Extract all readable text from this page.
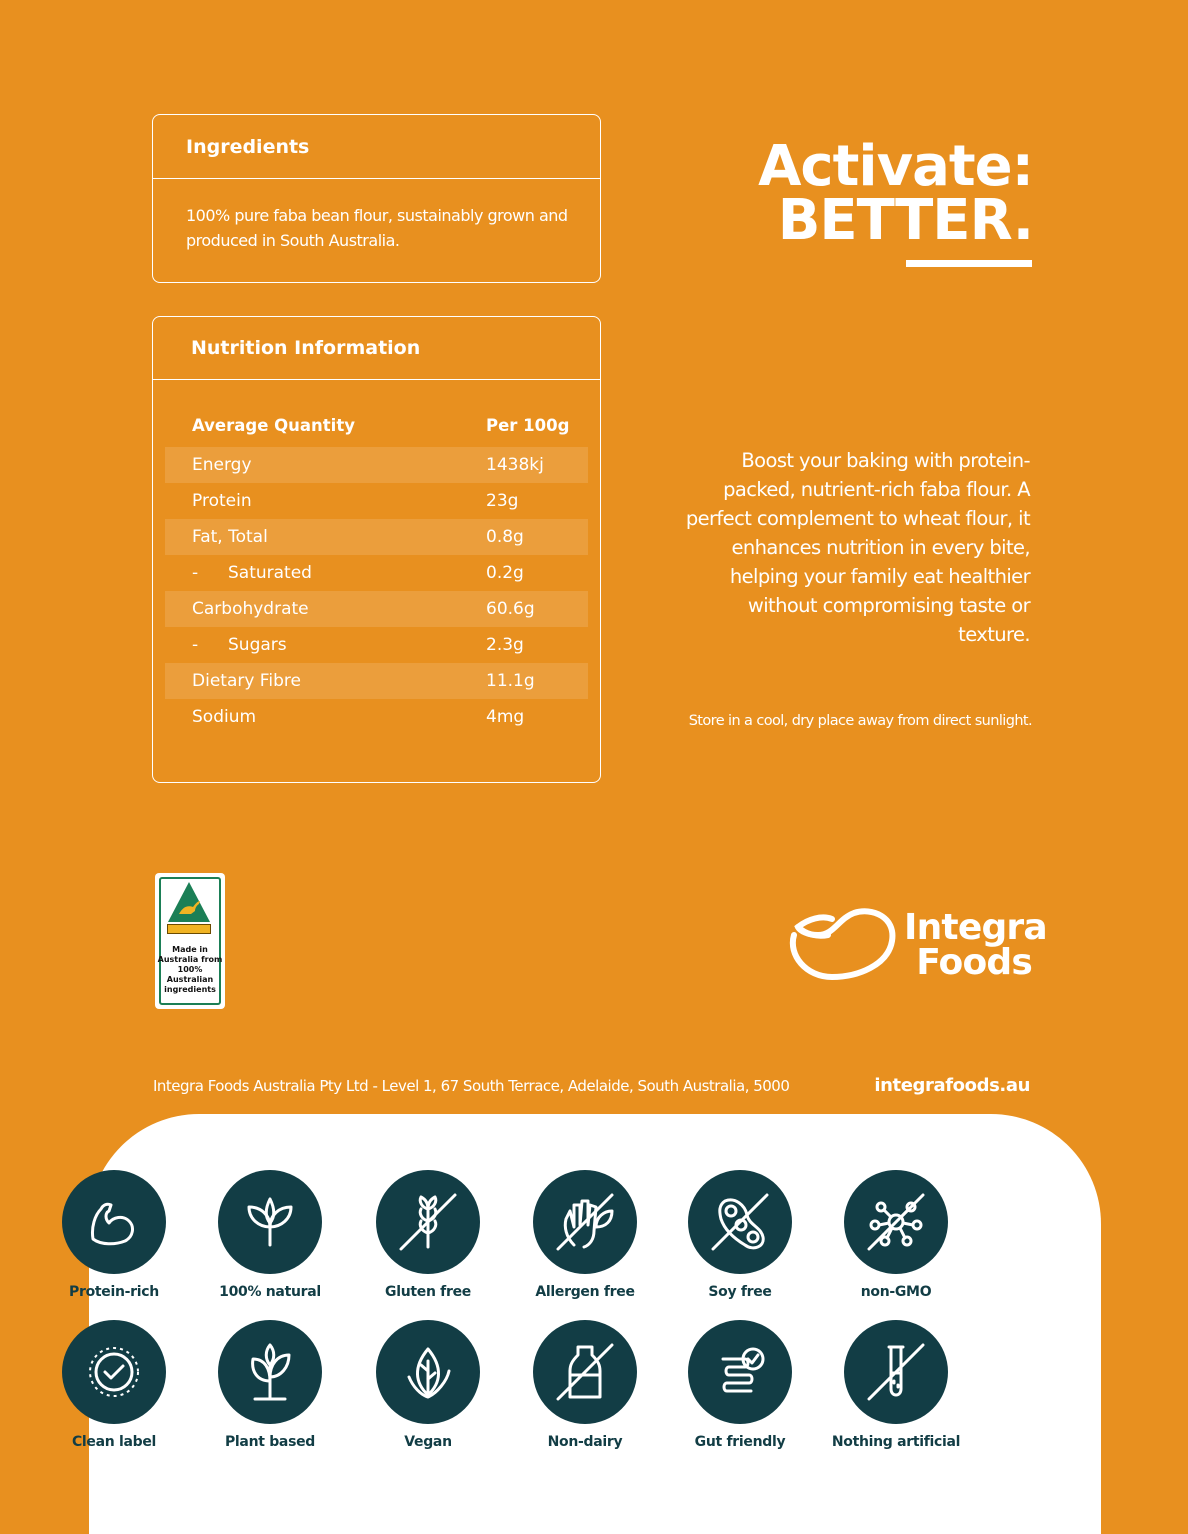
Ingredients
100% pure faba bean flour, sustainably grown and produced in South Australia.
Nutrition Information
Average Quantity	Per 100g
Energy	1438kj
Protein	23g
Fat, Total	0.8g
- Saturated	0.2g
Carbohydrate	60.6g
- Sugars	2.3g
Dietary Fibre	11.1g
Sodium	4mg
Activate:
BETTER.
Boost your baking with protein-packed, nutrient-rich faba flour. A perfect complement to wheat flour, it enhances nutrition in every bite, helping your family eat healthier without compromising taste or texture.
Store in a cool, dry place away from direct sunlight.
Made in Australia from 100% Australian ingredients
Integra
Foods
Integra Foods Australia Pty Ltd - Level 1, 67 South Terrace, Adelaide, South Australia, 5000	integrafoods.au
Protein-rich	100% natural	Gluten free	Allergen free	Soy free	non-GMO
Clean label	Plant based	Vegan	Non-dairy	Gut friendly	Nothing artificial
